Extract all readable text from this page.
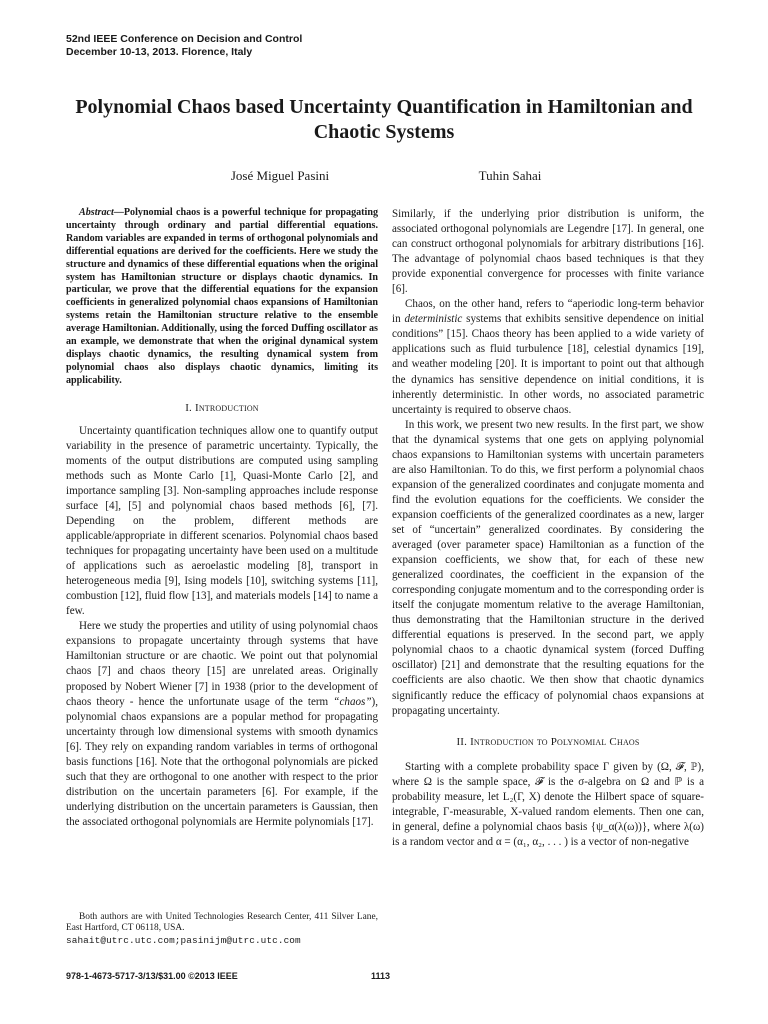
52nd IEEE Conference on Decision and Control
December 10-13, 2013. Florence, Italy
Polynomial Chaos based Uncertainty Quantification in Hamiltonian and Chaotic Systems
José Miguel Pasini	Tuhin Sahai

Abstract—Polynomial chaos is a powerful technique for propagating uncertainty through ordinary and partial differential equations. Random variables are expanded in terms of orthogonal polynomials and differential equations are derived for the coefficients. Here we study the structure and dynamics of these differential equations when the original system has Hamiltonian structure or displays chaotic dynamics. In particular, we prove that the differential equations for the expansion coefficients in generalized polynomial chaos expansions of Hamiltonian systems retain the Hamiltonian structure relative to the ensemble average Hamiltonian. Additionally, using the forced Duffing oscillator as an example, we demonstrate that when the original dynamical system displays chaotic dynamics, the resulting dynamical system from polynomial chaos also displays chaotic dynamics, limiting its applicability.

I. Introduction

Uncertainty quantification techniques allow one to quantify output variability in the presence of parametric uncertainty. Typically, the moments of the output distributions are computed using sampling methods such as Monte Carlo [1], Quasi-Monte Carlo [2], and importance sampling [3]. Non-sampling approaches include response surface [4], [5] and polynomial chaos based methods [6], [7]. Depending on the problem, different methods are applicable/appropriate in different scenarios. Polynomial chaos based techniques for propagating uncertainty have been used on a multitude of applications such as aeroelastic modeling [8], transport in heterogeneous media [9], Ising models [10], switching systems [11], combustion [12], fluid flow [13], and materials models [14] to name a few.

Here we study the properties and utility of using polynomial chaos expansions to propagate uncertainty through systems that have Hamiltonian structure or are chaotic. We point out that polynomial chaos [7] and chaos theory [15] are unrelated areas. Originally proposed by Nobert Wiener [7] in 1938 (prior to the development of chaos theory - hence the unfortunate usage of the term “chaos”), polynomial chaos expansions are a popular method for propagating uncertainty through low dimensional systems with smooth dynamics [6]. They rely on expanding random variables in terms of orthogonal basis functions [16]. Note that the orthogonal polynomials are picked such that they are orthogonal to one another with respect to the prior distribution on the uncertain parameters [6]. For example, if the underlying distribution on the uncertain parameters is Gaussian, then the associated orthogonal polynomials are Hermite polynomials [17].

Similarly, if the underlying prior distribution is uniform, the associated orthogonal polynomials are Legendre [17]. In general, one can construct orthogonal polynomials for arbitrary distributions [16]. The advantage of polynomial chaos based techniques is that they provide exponential convergence for processes with finite variance [6].

Chaos, on the other hand, refers to “aperiodic long-term behavior in deterministic systems that exhibits sensitive dependence on initial conditions” [15]. Chaos theory has been applied to a wide variety of applications such as fluid turbulence [18], celestial dynamics [19], and weather modeling [20]. It is important to point out that although the dynamics has sensitive dependence on initial conditions, it is inherently deterministic. In other words, no associated parametric uncertainty is required to observe chaos.

In this work, we present two new results. In the first part, we show that the dynamical systems that one gets on applying polynomial chaos expansions to Hamiltonian systems with uncertain parameters are also Hamiltonian. To do this, we first perform a polynomial chaos expansion of the generalized coordinates and conjugate momenta and find the evolution equations for the coefficients. We consider the expansion coefficients of the generalized coordinates as a new, larger set of “uncertain” generalized coordinates. By considering the averaged (over parameter space) Hamiltonian as a function of the expansion coefficients, we show that, for each of these new generalized coordinates, the coefficient in the expansion of the corresponding conjugate momentum and to the corresponding order is itself the conjugate momentum relative to the average Hamiltonian, thus demonstrating that the Hamiltonian structure in the derived differential equations is preserved. In the second part, we apply polynomial chaos to a chaotic dynamical system (forced Duffing oscillator) [21] and demonstrate that the resulting equations for the coefficients are also chaotic. We then show that chaotic dynamics significantly reduce the efficacy of polynomial chaos expansions at propagating uncertainty.

II. Introduction to Polynomial Chaos

Starting with a complete probability space Γ given by (Ω, 𝓕, ℙ), where Ω is the sample space, 𝓕 is the σ-algebra on Ω and ℙ is a probability measure, let L₂(Γ, X) denote the Hilbert space of square-integrable, Γ-measurable, X-valued random elements. Then one can, in general, define a polynomial chaos basis {ψ_α(λ(ω))}, where λ(ω) is a random vector and α = (α₁, α₂, . . . ) is a vector of non-negative

Both authors are with United Technologies Research Center, 411 Silver Lane, East Hartford, CT 06118, USA.
sahait@utrc.utc.com;pasinijm@utrc.utc.com
978-1-4673-5717-3/13/$31.00 ©2013 IEEE	1113
